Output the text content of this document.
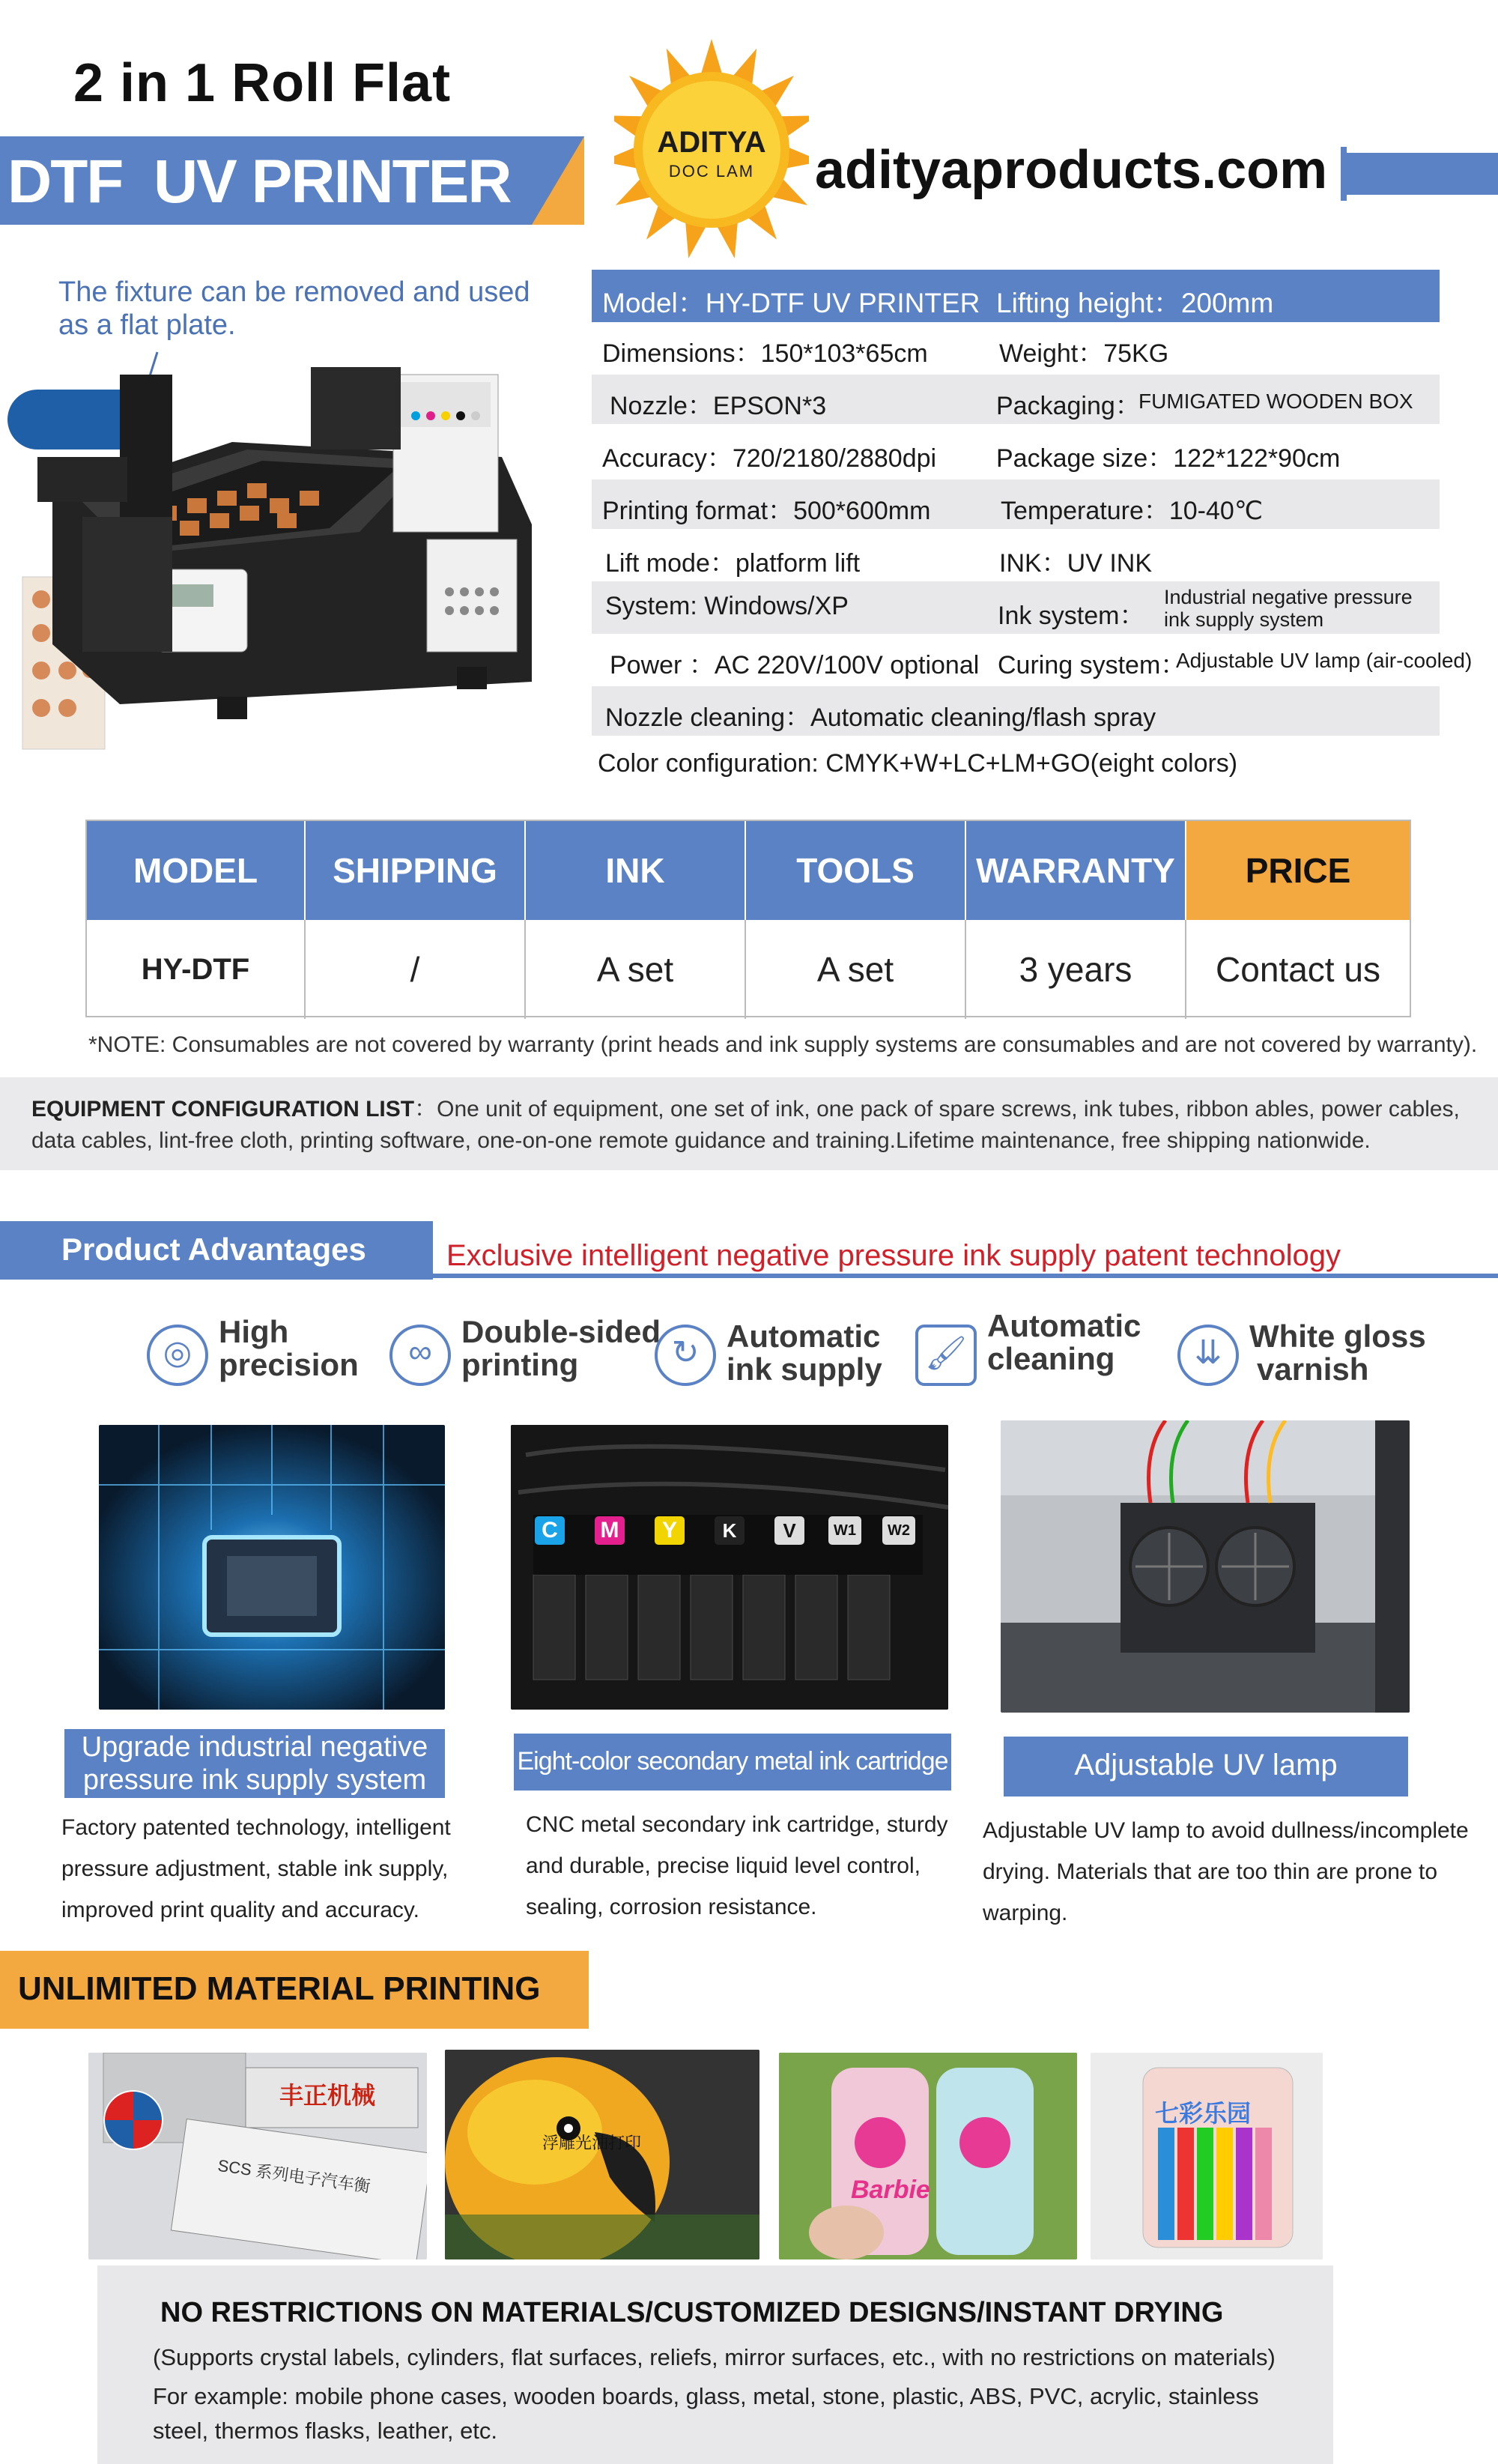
2 in 1 Roll Flat
DTF  UV PRINTER
ADITYA
DOC LAM	adityaproducts.com
The fixture can be removed and used as a flat plate.
Model：HY-DTF UV PRINTER Lifting height：200mm
Dimensions：150*103*65cm	Weight：75KG
Nozzle：EPSON*3	Packaging：
FUMIGATED WOODEN BOX
Accuracy：720/2180/2880dpi Package size：122*122*90cm
Printing format：500*600mm	Temperature：10-40℃
Lift mode：platform lift	INK：UV INK
System: Windows/XP	Ink system：
Industrial negative pressure ink supply system
Power ：AC 220V/100V optional Curing system：
Adjustable UV lamp (air-cooled)
Nozzle cleaning：Automatic cleaning/flash spray
Color configuration: CMYK+W+LC+LM+GO(eight colors)
MODEL	SHIPPING	INK	TOOLS	WARRANTY	PRICE
HY-DTF	/	A set	A set	3 years	Contact us
*NOTE: Consumables are not covered by warranty (print heads and ink supply systems are consumables and are not covered by warranty).
EQUIPMENT CONFIGURATION LIST：One unit of equipment, one set of ink, one pack of spare screws, ink tubes, ribbon ables, power cables, data cables, lint-free cloth, printing software, one-on-one remote guidance and training.Lifetime maintenance, free shipping nationwide.
Product Advantages	Exclusive intelligent negative pressure ink supply patent technology
◎
High
precision	∞
Double-sided
printing	↻ Automatic
ink supply 🖌
Automatic
cleaning	⇊ White gloss
varnish
Upgrade industrial negative pressure ink supply system
Factory patented technology, intelligent pressure adjustment, stable ink supply, improved print quality and accuracy.
C	M	Y	K	V	W1	W2
Eight-color secondary metal ink cartridge
CNC metal secondary ink cartridge, sturdy and durable, precise liquid level control, sealing, corrosion resistance.
Adjustable UV lamp
Adjustable UV lamp to avoid dullness/incomplete drying. Materials that are too thin are prone to warping.
UNLIMITED MATERIAL PRINTING
丰正机械
SCS 系列电子汽车衡
浮雕光油打印
Barbie
七彩乐园
NO RESTRICTIONS ON MATERIALS/CUSTOMIZED DESIGNS/INSTANT DRYING
(Supports crystal labels, cylinders, flat surfaces, reliefs, mirror surfaces, etc., with no restrictions on materials)
For example: mobile phone cases, wooden boards, glass, metal, stone, plastic, ABS, PVC, acrylic, stainless steel, thermos flasks, leather, etc.
